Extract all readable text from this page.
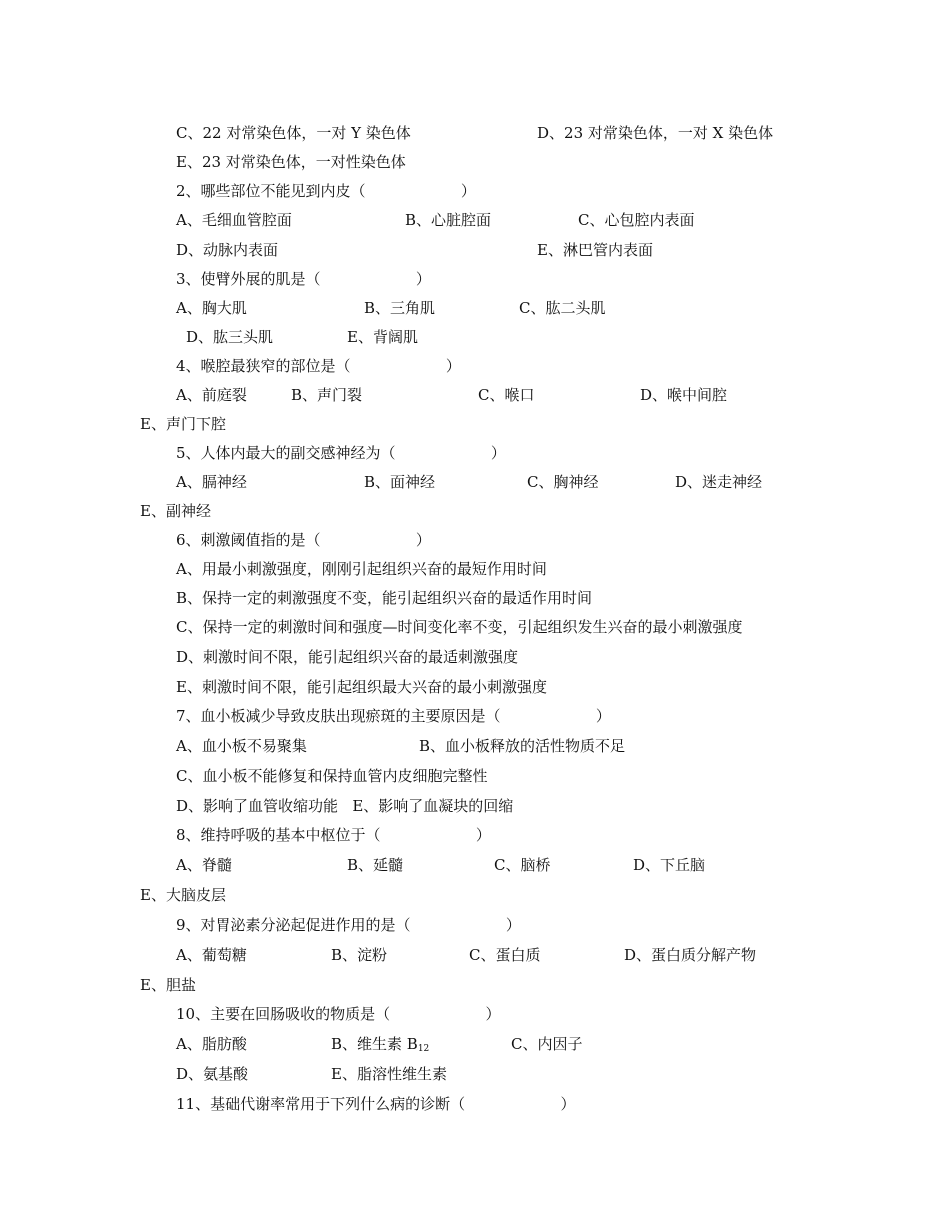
C、22 对常染色体，一对 Y 染色体	D、23 对常染色体，一对 X 染色体
E、23 对常染色体，一对性染色体
2、哪些部位不能见到内皮（                    ）
A、毛细血管腔面	B、心脏腔面	C、心包腔内表面
D、动脉内表面	E、淋巴管内表面
3、使臂外展的肌是（                    ）
A、胸大肌	B、三角肌	C、肱二头肌
D、肱三头肌	E、背阔肌
4、喉腔最狭窄的部位是（                    ）
A、前庭裂	B、声门裂	C、喉口	D、喉中间腔
E、声门下腔
5、人体内最大的副交感神经为（                    ）
A、膈神经	B、面神经	C、胸神经	D、迷走神经
E、副神经
6、刺激阈值指的是（                    ）
A、用最小刺激强度，刚刚引起组织兴奋的最短作用时间
B、保持一定的刺激强度不变，能引起组织兴奋的最适作用时间
C、保持一定的刺激时间和强度—时间变化率不变，引起组织发生兴奋的最小刺激强度
D、刺激时间不限，能引起组织兴奋的最适刺激强度
E、刺激时间不限，能引起组织最大兴奋的最小刺激强度
7、血小板减少导致皮肤出现瘀斑的主要原因是（                    ）
A、血小板不易聚集	B、血小板释放的活性物质不足
C、血小板不能修复和保持血管内皮细胞完整性
D、影响了血管收缩功能   E、影响了血凝块的回缩
8、维持呼吸的基本中枢位于（                    ）
A、脊髓	B、延髓	C、脑桥	D、下丘脑
E、大脑皮层
9、对胃泌素分泌起促进作用的是（                    ）
A、葡萄糖	B、淀粉	C、蛋白质	D、蛋白质分解产物
E、胆盐
10、主要在回肠吸收的物质是（                    ）
A、脂肪酸	B、维生素 $B_{12}$	C、内因子
D、氨基酸	E、脂溶性维生素
11、基础代谢率常用于下列什么病的诊断（                    ）
